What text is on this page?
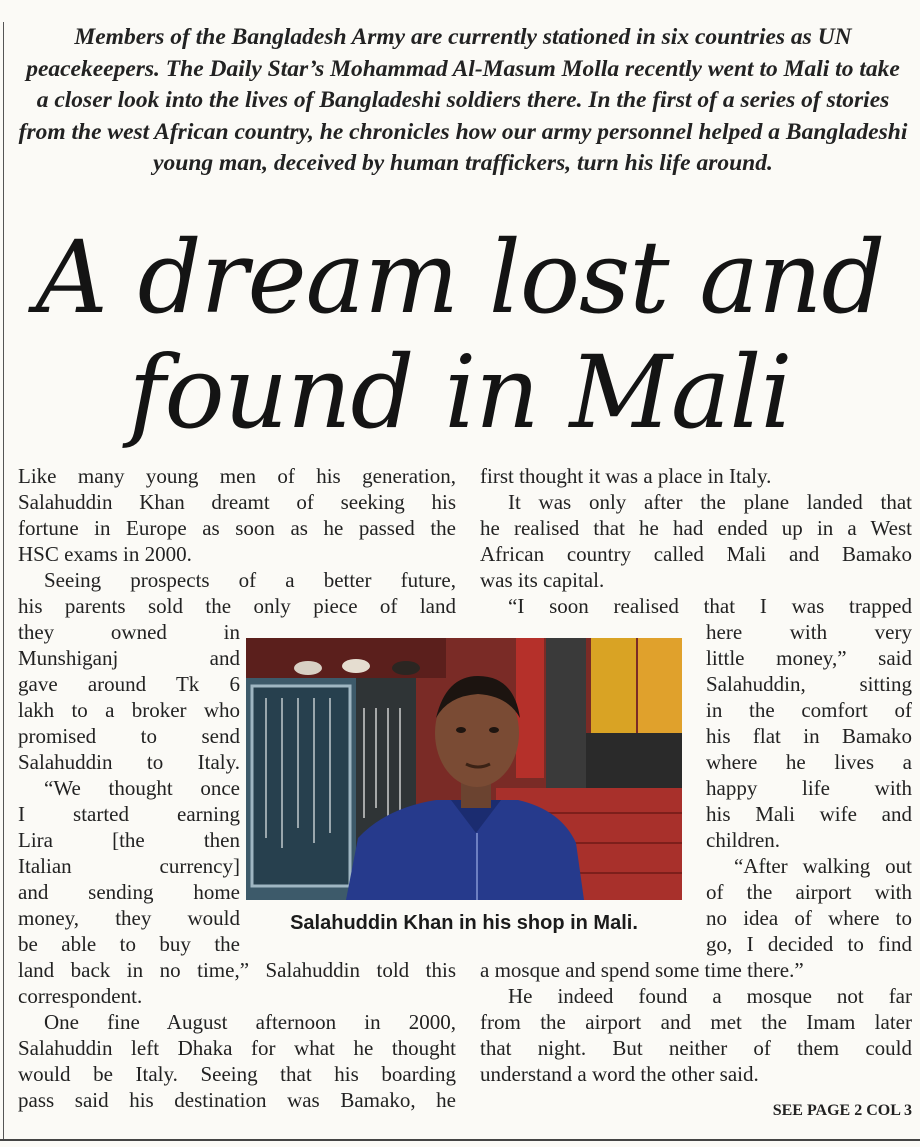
Members of the Bangladesh Army are currently stationed in six countries as UN peacekeepers. The Daily Star’s Mohammad Al-Masum Molla recently went to Mali to take a closer look into the lives of Bangladeshi soldiers there. In the first of a series of stories from the west African country, he chronicles how our army personnel helped a Bangladeshi young man, deceived by human traffickers, turn his life around.
A dream lost and
found in Mali
Like many young men of his generation,
Salahuddin Khan dreamt of seeking his
fortune in Europe as soon as he passed the
HSC exams in 2000.
Seeing prospects of a better future,
his parents sold the only piece of land
they owned in
Munshiganj and
gave around Tk 6
lakh to a broker who
promised to send
Salahuddin to Italy.
“We thought once
I started earning
Lira [the then
Italian currency]
and sending home
money, they would
be able to buy the
land back in no time,” Salahuddin told this
correspondent.
One fine August afternoon in 2000,
Salahuddin left Dhaka for what he thought
would be Italy. Seeing that his boarding
pass said his destination was Bamako, he
first thought it was a place in Italy.
It was only after the plane landed that
he realised that he had ended up in a West
African country called Mali and Bamako
was its capital.
“I soon realised that I was trapped
here with very
little money,” said
Salahuddin, sitting
in the comfort of
his flat in Bamako
where he lives a
happy life with
his Mali wife and
children.
“After walking out
of the airport with
no idea of where to
go, I decided to find
a mosque and spend some time there.”
He indeed found a mosque not far
from the airport and met the Imam later
that night. But neither of them could
understand a word the other said.
Salahuddin Khan in his shop in Mali.
SEE PAGE 2 COL 3
